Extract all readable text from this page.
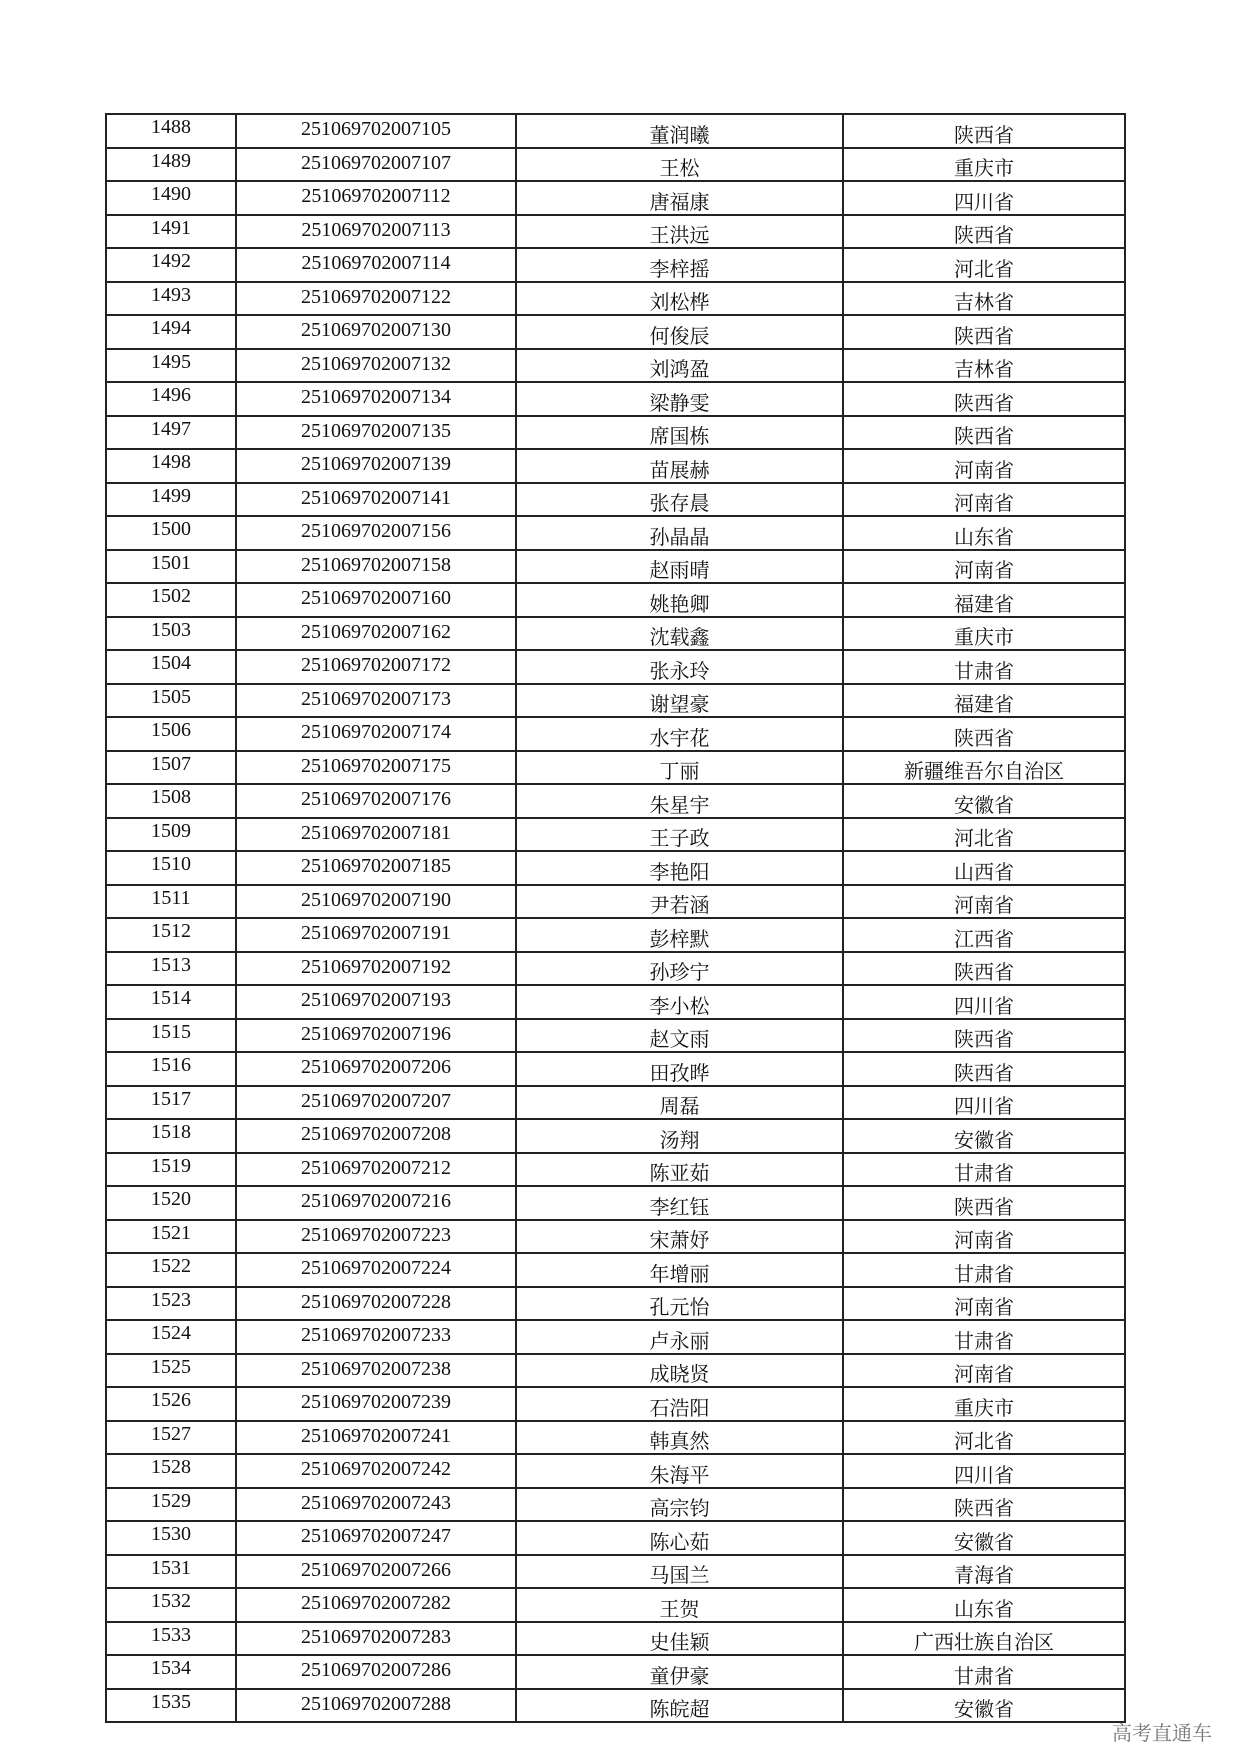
1488	251069702007105	董润曦	陕西省
1489	251069702007107	王松	重庆市
1490	251069702007112	唐福康	四川省
1491	251069702007113	王洪远	陕西省
1492	251069702007114	李梓摇	河北省
1493	251069702007122	刘松桦	吉林省
1494	251069702007130	何俊辰	陕西省
1495	251069702007132	刘鸿盈	吉林省
1496	251069702007134	梁静雯	陕西省
1497	251069702007135	席国栋	陕西省
1498	251069702007139	苗展赫	河南省
1499	251069702007141	张存晨	河南省
1500	251069702007156	孙晶晶	山东省
1501	251069702007158	赵雨晴	河南省
1502	251069702007160	姚艳卿	福建省
1503	251069702007162	沈载鑫	重庆市
1504	251069702007172	张永玲	甘肃省
1505	251069702007173	谢望豪	福建省
1506	251069702007174	水宇花	陕西省
1507	251069702007175	丁丽	新疆维吾尔自治区
1508	251069702007176	朱星宇	安徽省
1509	251069702007181	王子政	河北省
1510	251069702007185	李艳阳	山西省
1511	251069702007190	尹若涵	河南省
1512	251069702007191	彭梓默	江西省
1513	251069702007192	孙珍宁	陕西省
1514	251069702007193	李小松	四川省
1515	251069702007196	赵文雨	陕西省
1516	251069702007206	田孜晔	陕西省
1517	251069702007207	周磊	四川省
1518	251069702007208	汤翔	安徽省
1519	251069702007212	陈亚茹	甘肃省
1520	251069702007216	李红钰	陕西省
1521	251069702007223	宋萧妤	河南省
1522	251069702007224	年增丽	甘肃省
1523	251069702007228	孔元怡	河南省
1524	251069702007233	卢永丽	甘肃省
1525	251069702007238	成晓贤	河南省
1526	251069702007239	石浩阳	重庆市
1527	251069702007241	韩真然	河北省
1528	251069702007242	朱海平	四川省
1529	251069702007243	高宗钧	陕西省
1530	251069702007247	陈心茹	安徽省
1531	251069702007266	马国兰	青海省
1532	251069702007282	王贺	山东省
1533	251069702007283	史佳颖	广西壮族自治区
1534	251069702007286	童伊豪	甘肃省
1535	251069702007288	陈皖超	安徽省
高考直通车
